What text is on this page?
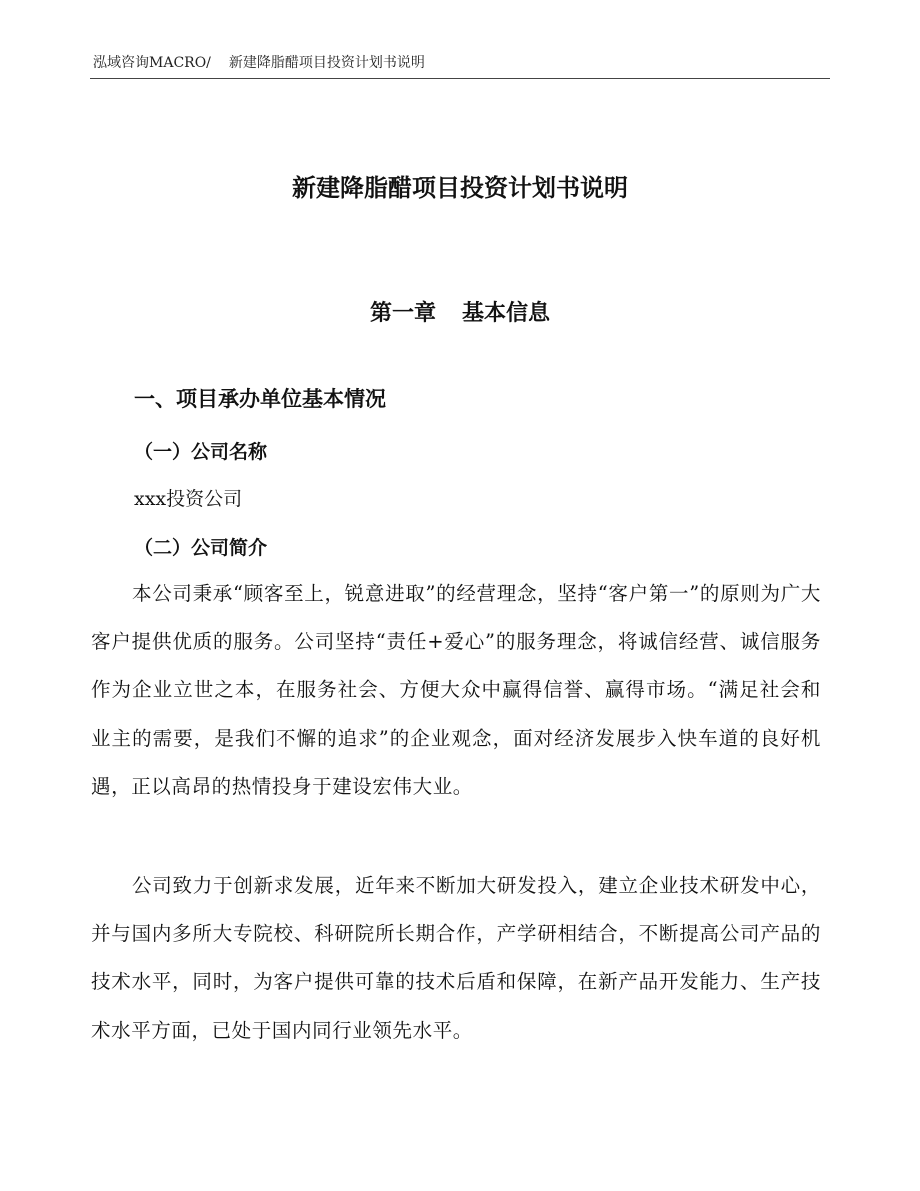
泓域咨询MACRO/ 新建降脂醋项目投资计划书说明
新建降脂醋项目投资计划书说明
第一章 基本信息
一、项目承办单位基本情况
（一）公司名称
xxx投资公司
（二）公司简介

本公司秉承“顾客至上，锐意进取”的经营理念，坚持“客户第一”的原则为广大客户提供优质的服务。公司坚持“责任+爱心”的服务理念，将诚信经营、诚信服务作为企业立世之本，在服务社会、方便大众中赢得信誉、赢得市场。“满足社会和业主的需要，是我们不懈的追求”的企业观念，面对经济发展步入快车道的良好机遇，正以高昂的热情投身于建设宏伟大业。

公司致力于创新求发展，近年来不断加大研发投入，建立企业技术研发中心，并与国内多所大专院校、科研院所长期合作，产学研相结合，不断提高公司产品的技术水平，同时，为客户提供可靠的技术后盾和保障，在新产品开发能力、生产技术水平方面，已处于国内同行业领先水平。
